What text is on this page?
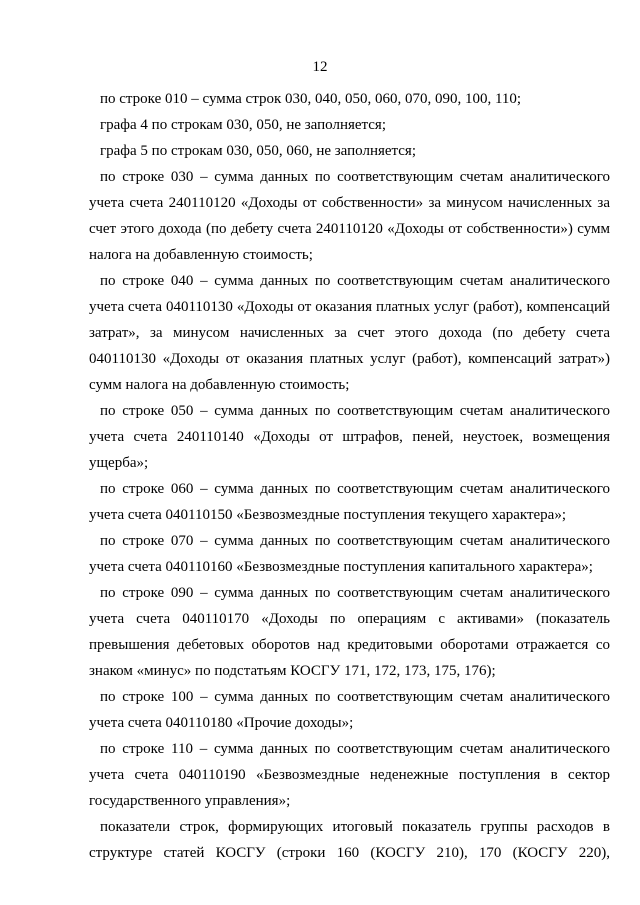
12

по строке 010 – сумма строк 030, 040, 050, 060, 070, 090, 100, 110;

графа 4 по строкам 030, 050, не заполняется;

графа 5 по строкам 030, 050, 060, не заполняется;

по строке 030 – сумма данных по соответствующим счетам аналитического учета счета 240110120 «Доходы от собственности» за минусом начисленных за счет этого дохода (по дебету счета 240110120 «Доходы от собственности») сумм налога на добавленную стоимость;

по строке 040 – сумма данных по соответствующим счетам аналитического учета счета 040110130 «Доходы от оказания платных услуг (работ), компенсаций затрат», за минусом начисленных за счет этого дохода (по дебету счета 040110130 «Доходы от оказания платных услуг (работ), компенсаций затрат») сумм налога на добавленную стоимость;

по строке 050 – сумма данных по соответствующим счетам аналитического учета счета 240110140 «Доходы от штрафов, пеней, неустоек, возмещения ущерба»;

по строке 060 – сумма данных по соответствующим счетам аналитического учета счета 040110150 «Безвозмездные поступления текущего характера»;

по строке 070 – сумма данных по соответствующим счетам аналитического учета счета 040110160 «Безвозмездные поступления капитального характера»;

по строке 090 – сумма данных по соответствующим счетам аналитического учета счета 040110170 «Доходы по операциям с активами» (показатель превышения дебетовых оборотов над кредитовыми оборотами отражается со знаком «минус» по подстатьям КОСГУ 171, 172, 173, 175, 176);

по строке 100 – сумма данных по соответствующим счетам аналитического учета счета 040110180 «Прочие доходы»;

по строке 110 – сумма данных по соответствующим счетам аналитического учета счета 040110190 «Безвозмездные неденежные поступления в сектор государственного управления»;

показатели строк, формирующих итоговый показатель группы расходов в структуре статей КОСГУ (строки 160 (КОСГУ 210), 170 (КОСГУ 220),
